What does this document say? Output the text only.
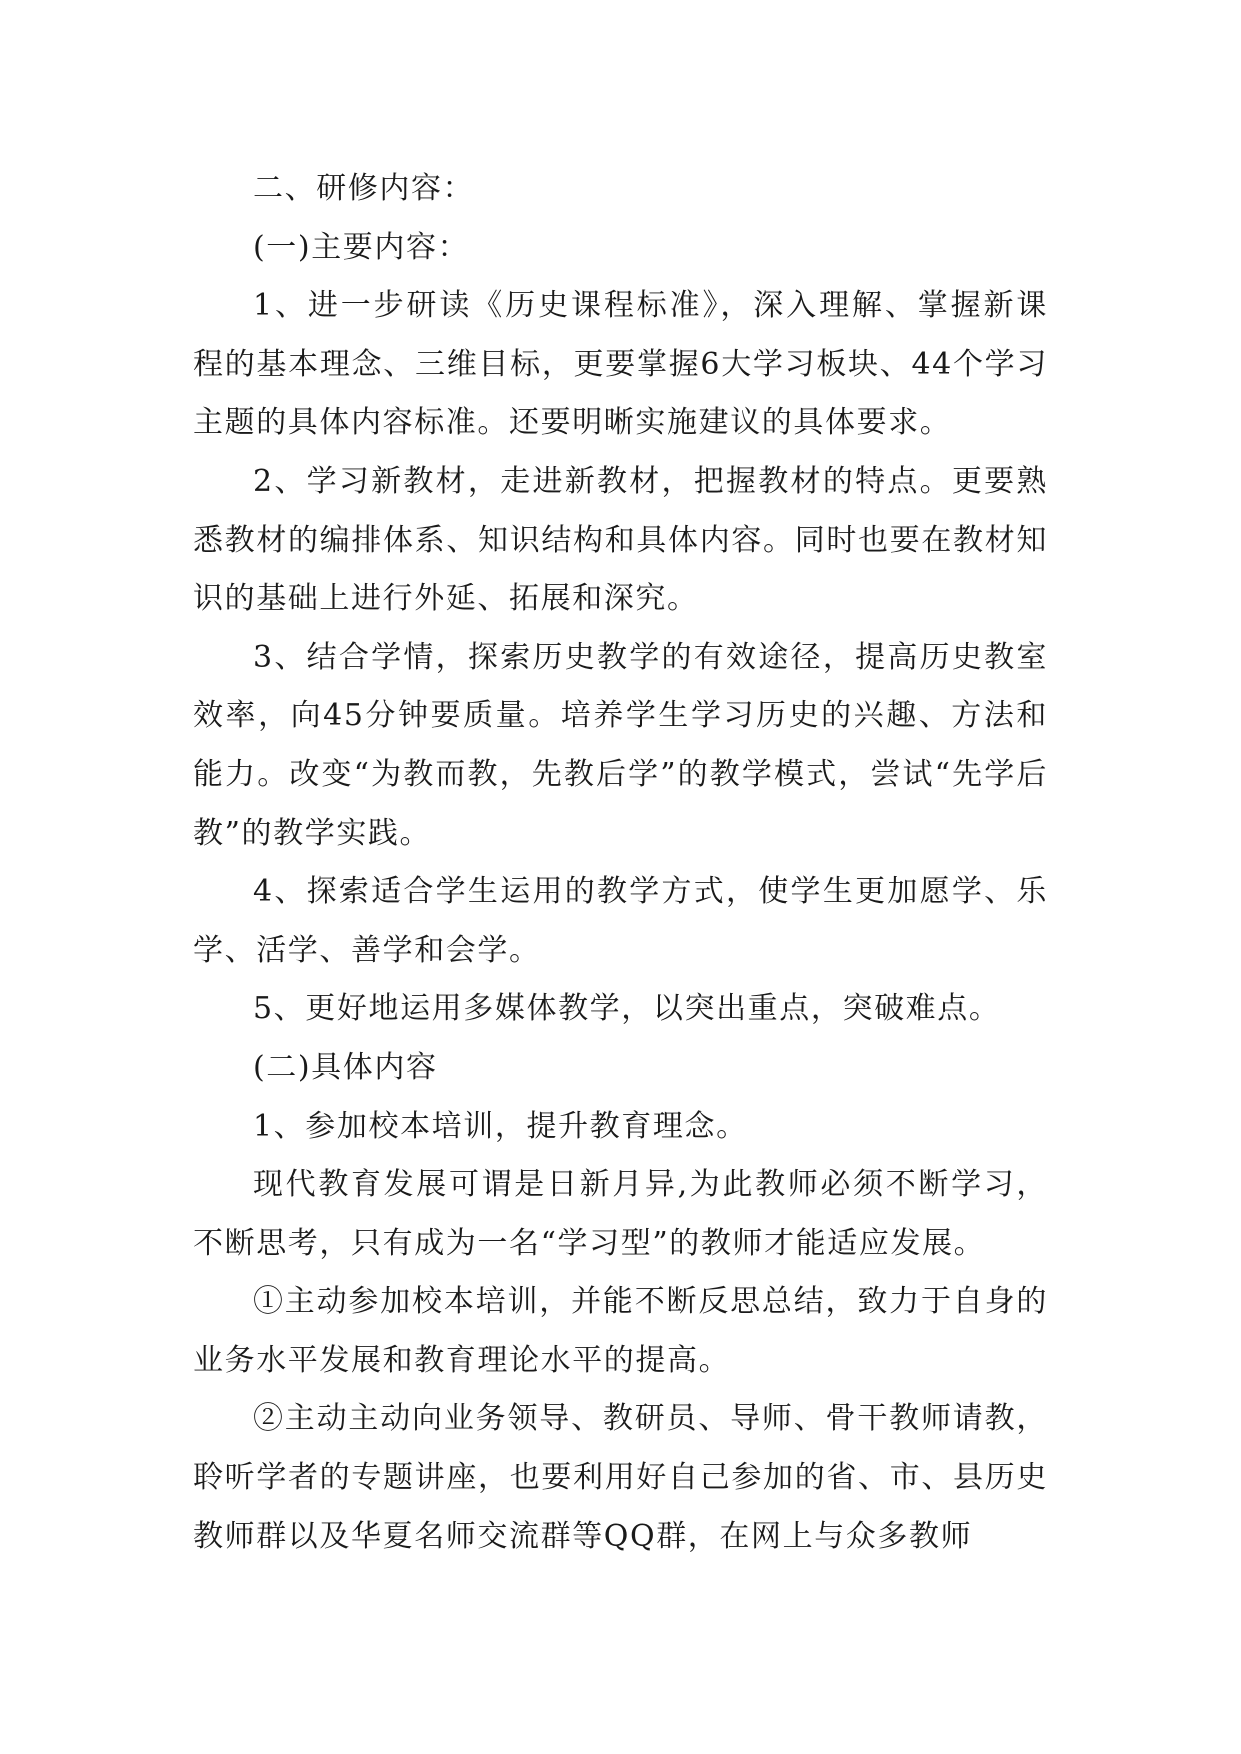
二、研修内容：

(一)主要内容：

1、进一步研读《历史课程标准》，深入理解、掌握新课程的基本理念、三维目标，更要掌握6大学习板块、44个学习主题的具体内容标准。还要明晰实施建议的具体要求。

2、学习新教材，走进新教材，把握教材的特点。更要熟悉教材的编排体系、知识结构和具体内容。同时也要在教材知识的基础上进行外延、拓展和深究。

3、结合学情，探索历史教学的有效途径，提高历史教室效率，向45分钟要质量。培养学生学习历史的兴趣、方法和能力。改变“为教而教，先教后学”的教学模式，尝试“先学后教”的教学实践。

4、探索适合学生运用的教学方式，使学生更加愿学、乐学、活学、善学和会学。

5、更好地运用多媒体教学，以突出重点，突破难点。

(二)具体内容

1、参加校本培训，提升教育理念。

现代教育发展可谓是日新月异,为此教师必须不断学习，不断思考，只有成为一名“学习型”的教师才能适应发展。

①主动参加校本培训，并能不断反思总结，致力于自身的业务水平发展和教育理论水平的提高。

②主动主动向业务领导、教研员、导师、骨干教师请教，聆听学者的专题讲座，也要利用好自己参加的省、市、县历史教师群以及华夏名师交流群等QQ群，在网上与众多教师
